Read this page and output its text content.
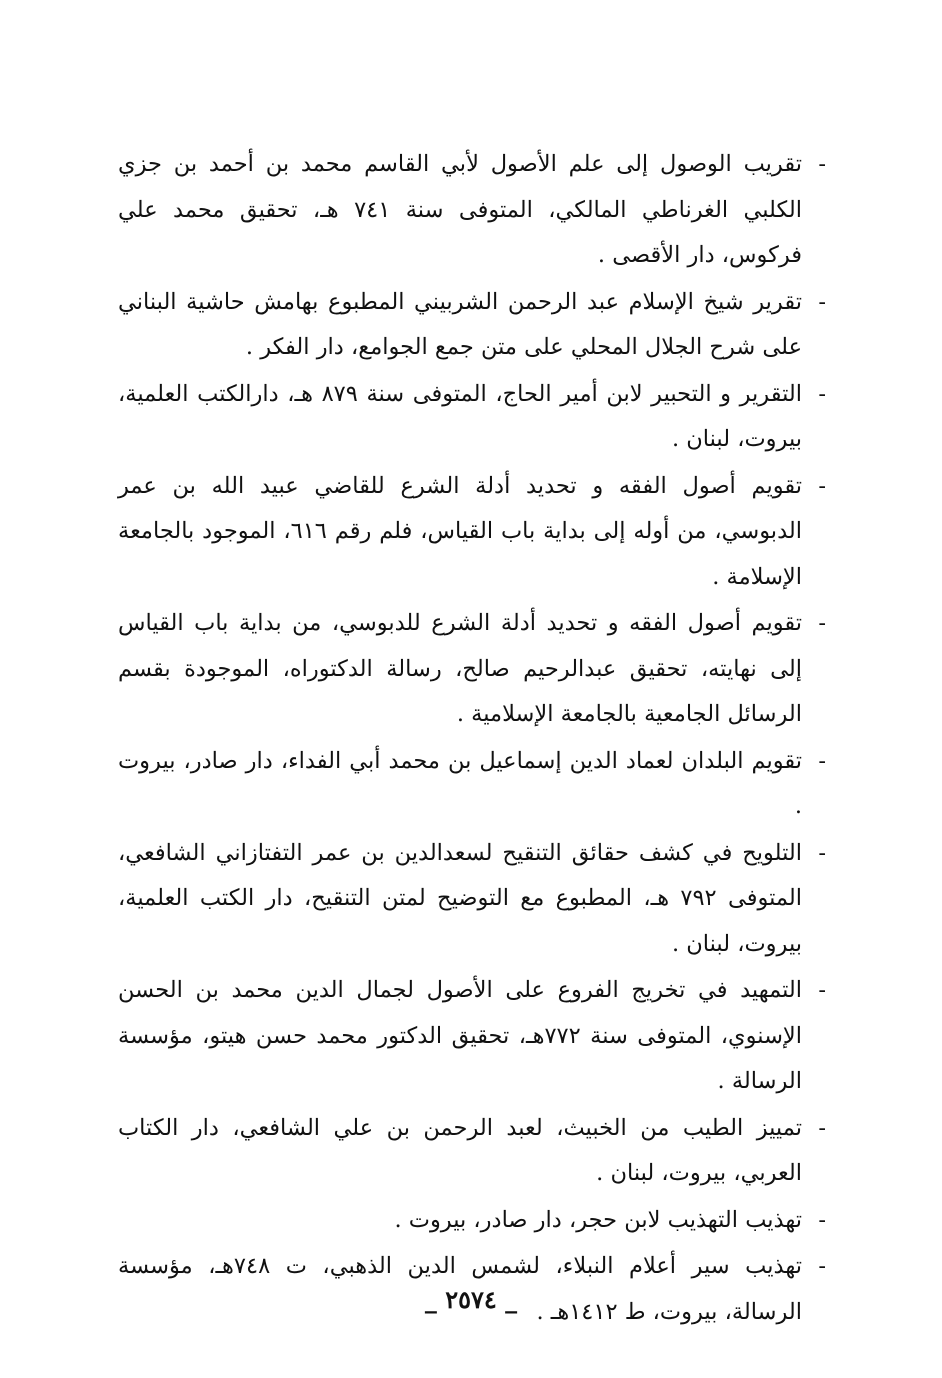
-
تقريب الوصول إلى علم الأصول لأبي القاسم محمد بن أحمد بن جزي الكلبي الغرناطي المالكي، المتوفى سنة ٧٤١ هـ، تحقيق محمد علي فركوس، دار الأقصى .
-
تقرير شيخ الإسلام عبد الرحمن الشربيني المطبوع بهامش حاشية البناني على شرح الجلال المحلي على متن جمع الجوامع، دار الفكر .
-
التقرير و التحبير لابن أمير الحاج، المتوفى سنة ٨٧٩ هـ، دارالكتب العلمية، بيروت، لبنان .
-
تقويم أصول الفقه و تحديد أدلة الشرع للقاضي عبيد الله بن عمر الدبوسي، من أوله إلى بداية باب القياس، فلم رقم ٦١٦، الموجود بالجامعة الإسلامة .
-
تقويم أصول الفقه و تحديد أدلة الشرع للدبوسي، من بداية باب القياس إلى نهايته، تحقيق عبدالرحيم صالح، رسالة الدكتوراه، الموجودة بقسم الرسائل الجامعية بالجامعة الإسلامية .
-
تقويم البلدان لعماد الدين إسماعيل بن محمد أبي الفداء، دار صادر، بيروت .
-
التلويح في كشف حقائق التنقيح لسعدالدين بن عمر التفتازاني الشافعي، المتوفى ٧٩٢ هـ، المطبوع مع التوضيح لمتن التنقيح، دار الكتب العلمية، بيروت، لبنان .
-
التمهيد في تخريج الفروع على الأصول لجمال الدين محمد بن الحسن الإسنوي، المتوفى سنة ٧٧٢هـ، تحقيق الدكتور محمد حسن هيتو، مؤسسة الرسالة .
-
تمييز الطيب من الخبيث، لعبد الرحمن بن علي الشافعي، دار الكتاب العربي، بيروت، لبنان .
-
تهذيب التهذيب لابن حجر، دار صادر، بيروت .
-
تهذيب سير أعلام النبلاء، لشمس الدين الذهبي، ت ٧٤٨هـ، مؤسسة الرسالة، بيروت، ط ١٤١٢هـ .
_ ٢٥٧٤ _
